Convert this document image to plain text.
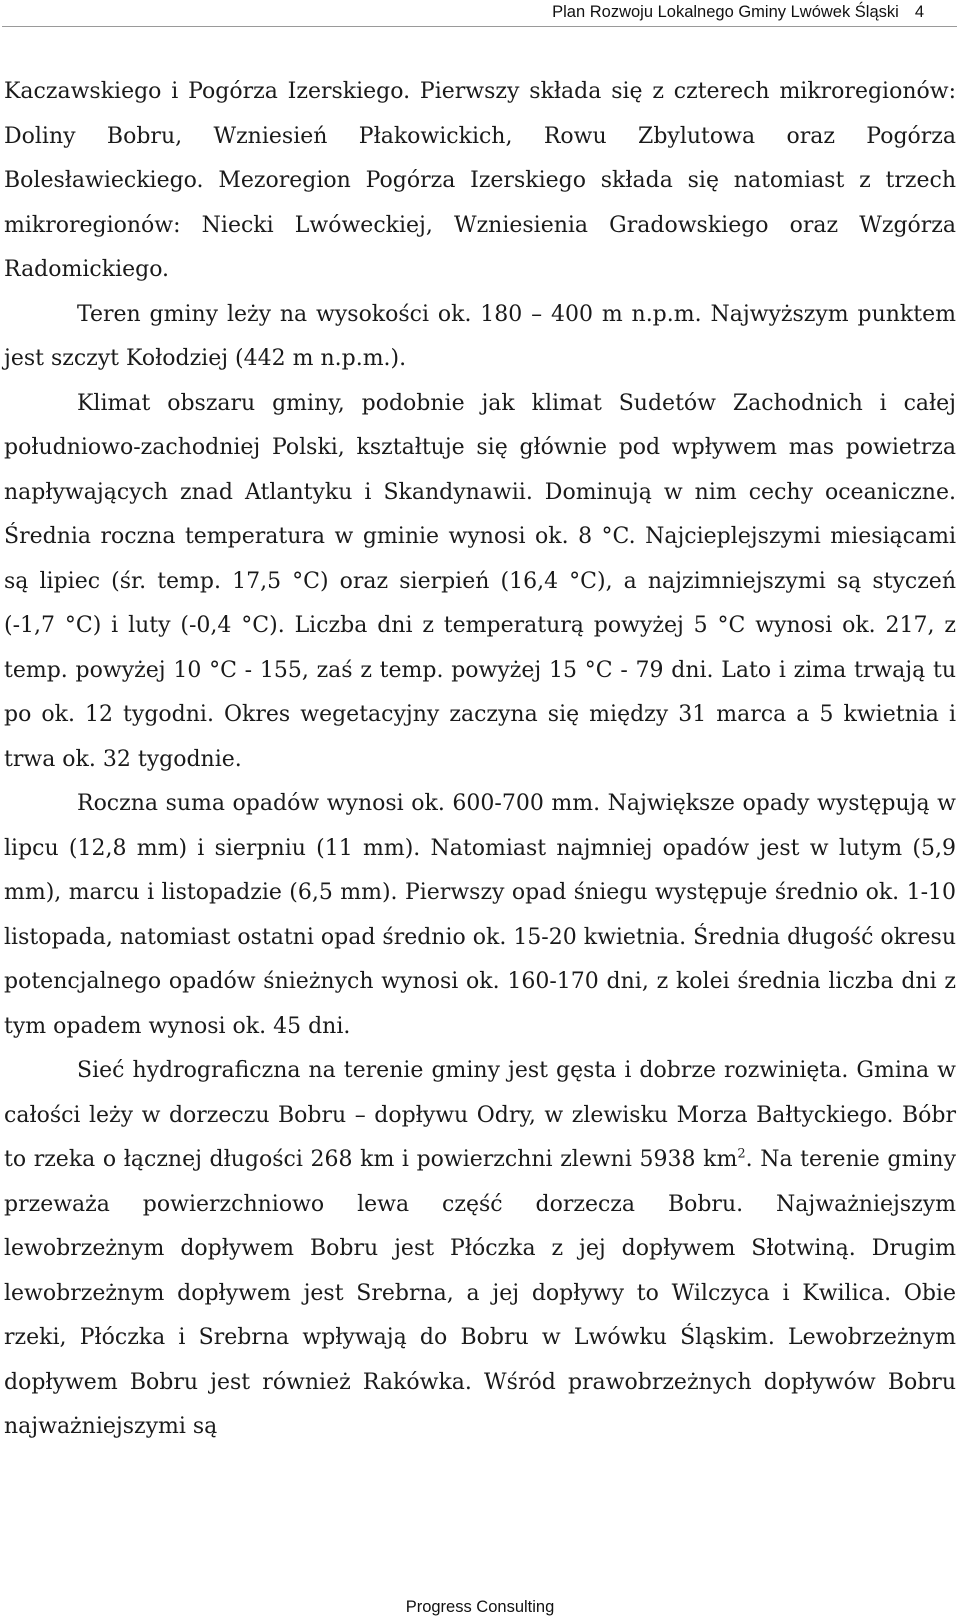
Plan Rozwoju Lokalnego Gminy Lwówek Śląski 4

Kaczawskiego i Pogórza Izerskiego. Pierwszy składa się z czterech mikroregionów: Doliny Bobru, Wzniesień Płakowickich, Rowu Zbylutowa oraz Pogórza Bolesławieckiego. Mezoregion Pogórza Izerskiego składa się natomiast z trzech mikroregionów: Niecki Lwóweckiej, Wzniesienia Gradowskiego oraz Wzgórza Radomickiego.

Teren gminy leży na wysokości ok. 180 – 400 m n.p.m. Najwyższym punktem jest szczyt Kołodziej (442 m n.p.m.).

Klimat obszaru gminy, podobnie jak klimat Sudetów Zachodnich i całej południowo-zachodniej Polski, kształtuje się głównie pod wpływem mas powietrza napływających znad Atlantyku i Skandynawii. Dominują w nim cechy oceaniczne. Średnia roczna temperatura w gminie wynosi ok. 8 °C. Najcieplejszymi miesiącami są lipiec (śr. temp. 17,5 °C) oraz sierpień (16,4 °C), a najzimniejszymi są styczeń (-1,7 °C) i luty (-0,4 °C). Liczba dni z temperaturą powyżej 5 °C wynosi ok. 217, z temp. powyżej 10 °C - 155, zaś z temp. powyżej 15 °C - 79 dni. Lato i zima trwają tu po ok. 12 tygodni. Okres wegetacyjny zaczyna się między 31 marca a 5 kwietnia i trwa ok. 32 tygodnie.

Roczna suma opadów wynosi ok. 600-700 mm. Największe opady występują w lipcu (12,8 mm) i sierpniu (11 mm). Natomiast najmniej opadów jest w lutym (5,9 mm), marcu i listopadzie (6,5 mm). Pierwszy opad śniegu występuje średnio ok. 1-10 listopada, natomiast ostatni opad średnio ok. 15-20 kwietnia. Średnia długość okresu potencjalnego opadów śnieżnych wynosi ok. 160-170 dni, z kolei średnia liczba dni z tym opadem wynosi ok. 45 dni.

Sieć hydrograficzna na terenie gminy jest gęsta i dobrze rozwinięta. Gmina w całości leży w dorzeczu Bobru – dopływu Odry, w zlewisku Morza Bałtyckiego. Bóbr to rzeka o łącznej długości 268 km i powierzchni zlewni 5938 $km^2$. Na terenie gminy przeważa powierzchniowo lewa część dorzecza Bobru. Najważniejszym lewobrzeżnym dopływem Bobru jest Płóczka z jej dopływem Słotwiną. Drugim lewobrzeżnym dopływem jest Srebrna, a jej dopływy to Wilczyca i Kwilica. Obie rzeki, Płóczka i Srebrna wpływają do Bobru w Lwówku Śląskim. Lewobrzeżnym dopływem Bobru jest również Rakówka. Wśród prawobrzeżnych dopływów Bobru najważniejszymi są

Progress Consulting
